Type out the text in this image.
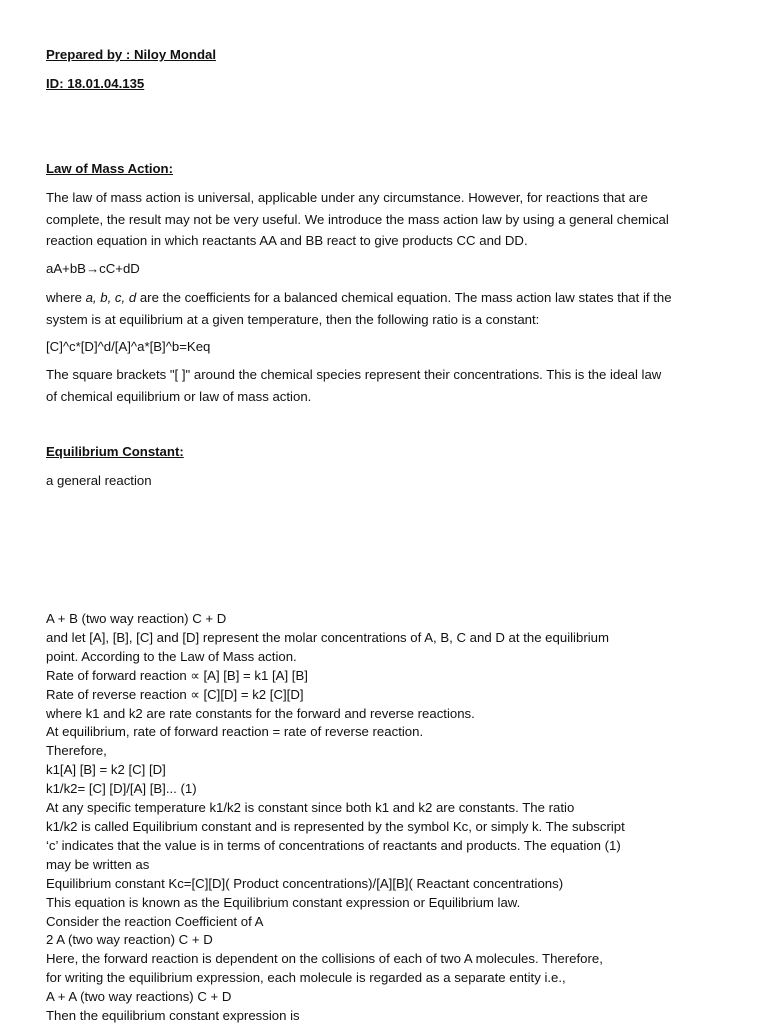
Prepared by : Niloy Mondal

ID: 18.01.04.135

Law of Mass Action:

The law of mass action is universal, applicable under any circumstance. However, for reactions that are
complete, the result may not be very useful. We introduce the mass action law by using a general chemical
reaction equation in which reactants AA and BB react to give products CC and DD.

aA+bB→cC+dD

where a, b, c, d are the coefficients for a balanced chemical equation. The mass action law states that if the
system is at equilibrium at a given temperature, then the following ratio is a constant:

[C]^c*[D]^d/[A]^a*[B]^b=Keq

The square brackets "[ ]" around the chemical species represent their concentrations. This is the ideal law
of chemical equilibrium or law of mass action.

Equilibrium Constant:

a general reaction

A + B (two way reaction) C + D
and let [A], [B], [C] and [D] represent the molar concentrations of A, B, C and D at the equilibrium
point. According to the Law of Mass action.
Rate of forward reaction ∝ [A] [B] = k1 [A] [B]
Rate of reverse reaction ∝ [C][D] = k2 [C][D]
where k1 and k2 are rate constants for the forward and reverse reactions.
At equilibrium, rate of forward reaction = rate of reverse reaction.
Therefore,
k1[A] [B] = k2 [C] [D]
k1/k2= [C] [D]/[A] [B]... (1)
At any specific temperature k1/k2 is constant since both k1 and k2 are constants. The ratio
k1/k2 is called Equilibrium constant and is represented by the symbol Kc, or simply k. The subscript
‘c’ indicates that the value is in terms of concentrations of reactants and products. The equation (1)
may be written as
Equilibrium constant Kc=[C][D]( Product concentrations)/[A][B]( Reactant concentrations)
This equation is known as the Equilibrium constant expression or Equilibrium law.
Consider the reaction Coefficient of A
2 A (two way reaction) C + D
Here, the forward reaction is dependent on the collisions of each of two A molecules. Therefore,
for writing the equilibrium expression, each molecule is regarded as a separate entity i.e.,
A + A (two way reactions) C + D
Then the equilibrium constant expression is
